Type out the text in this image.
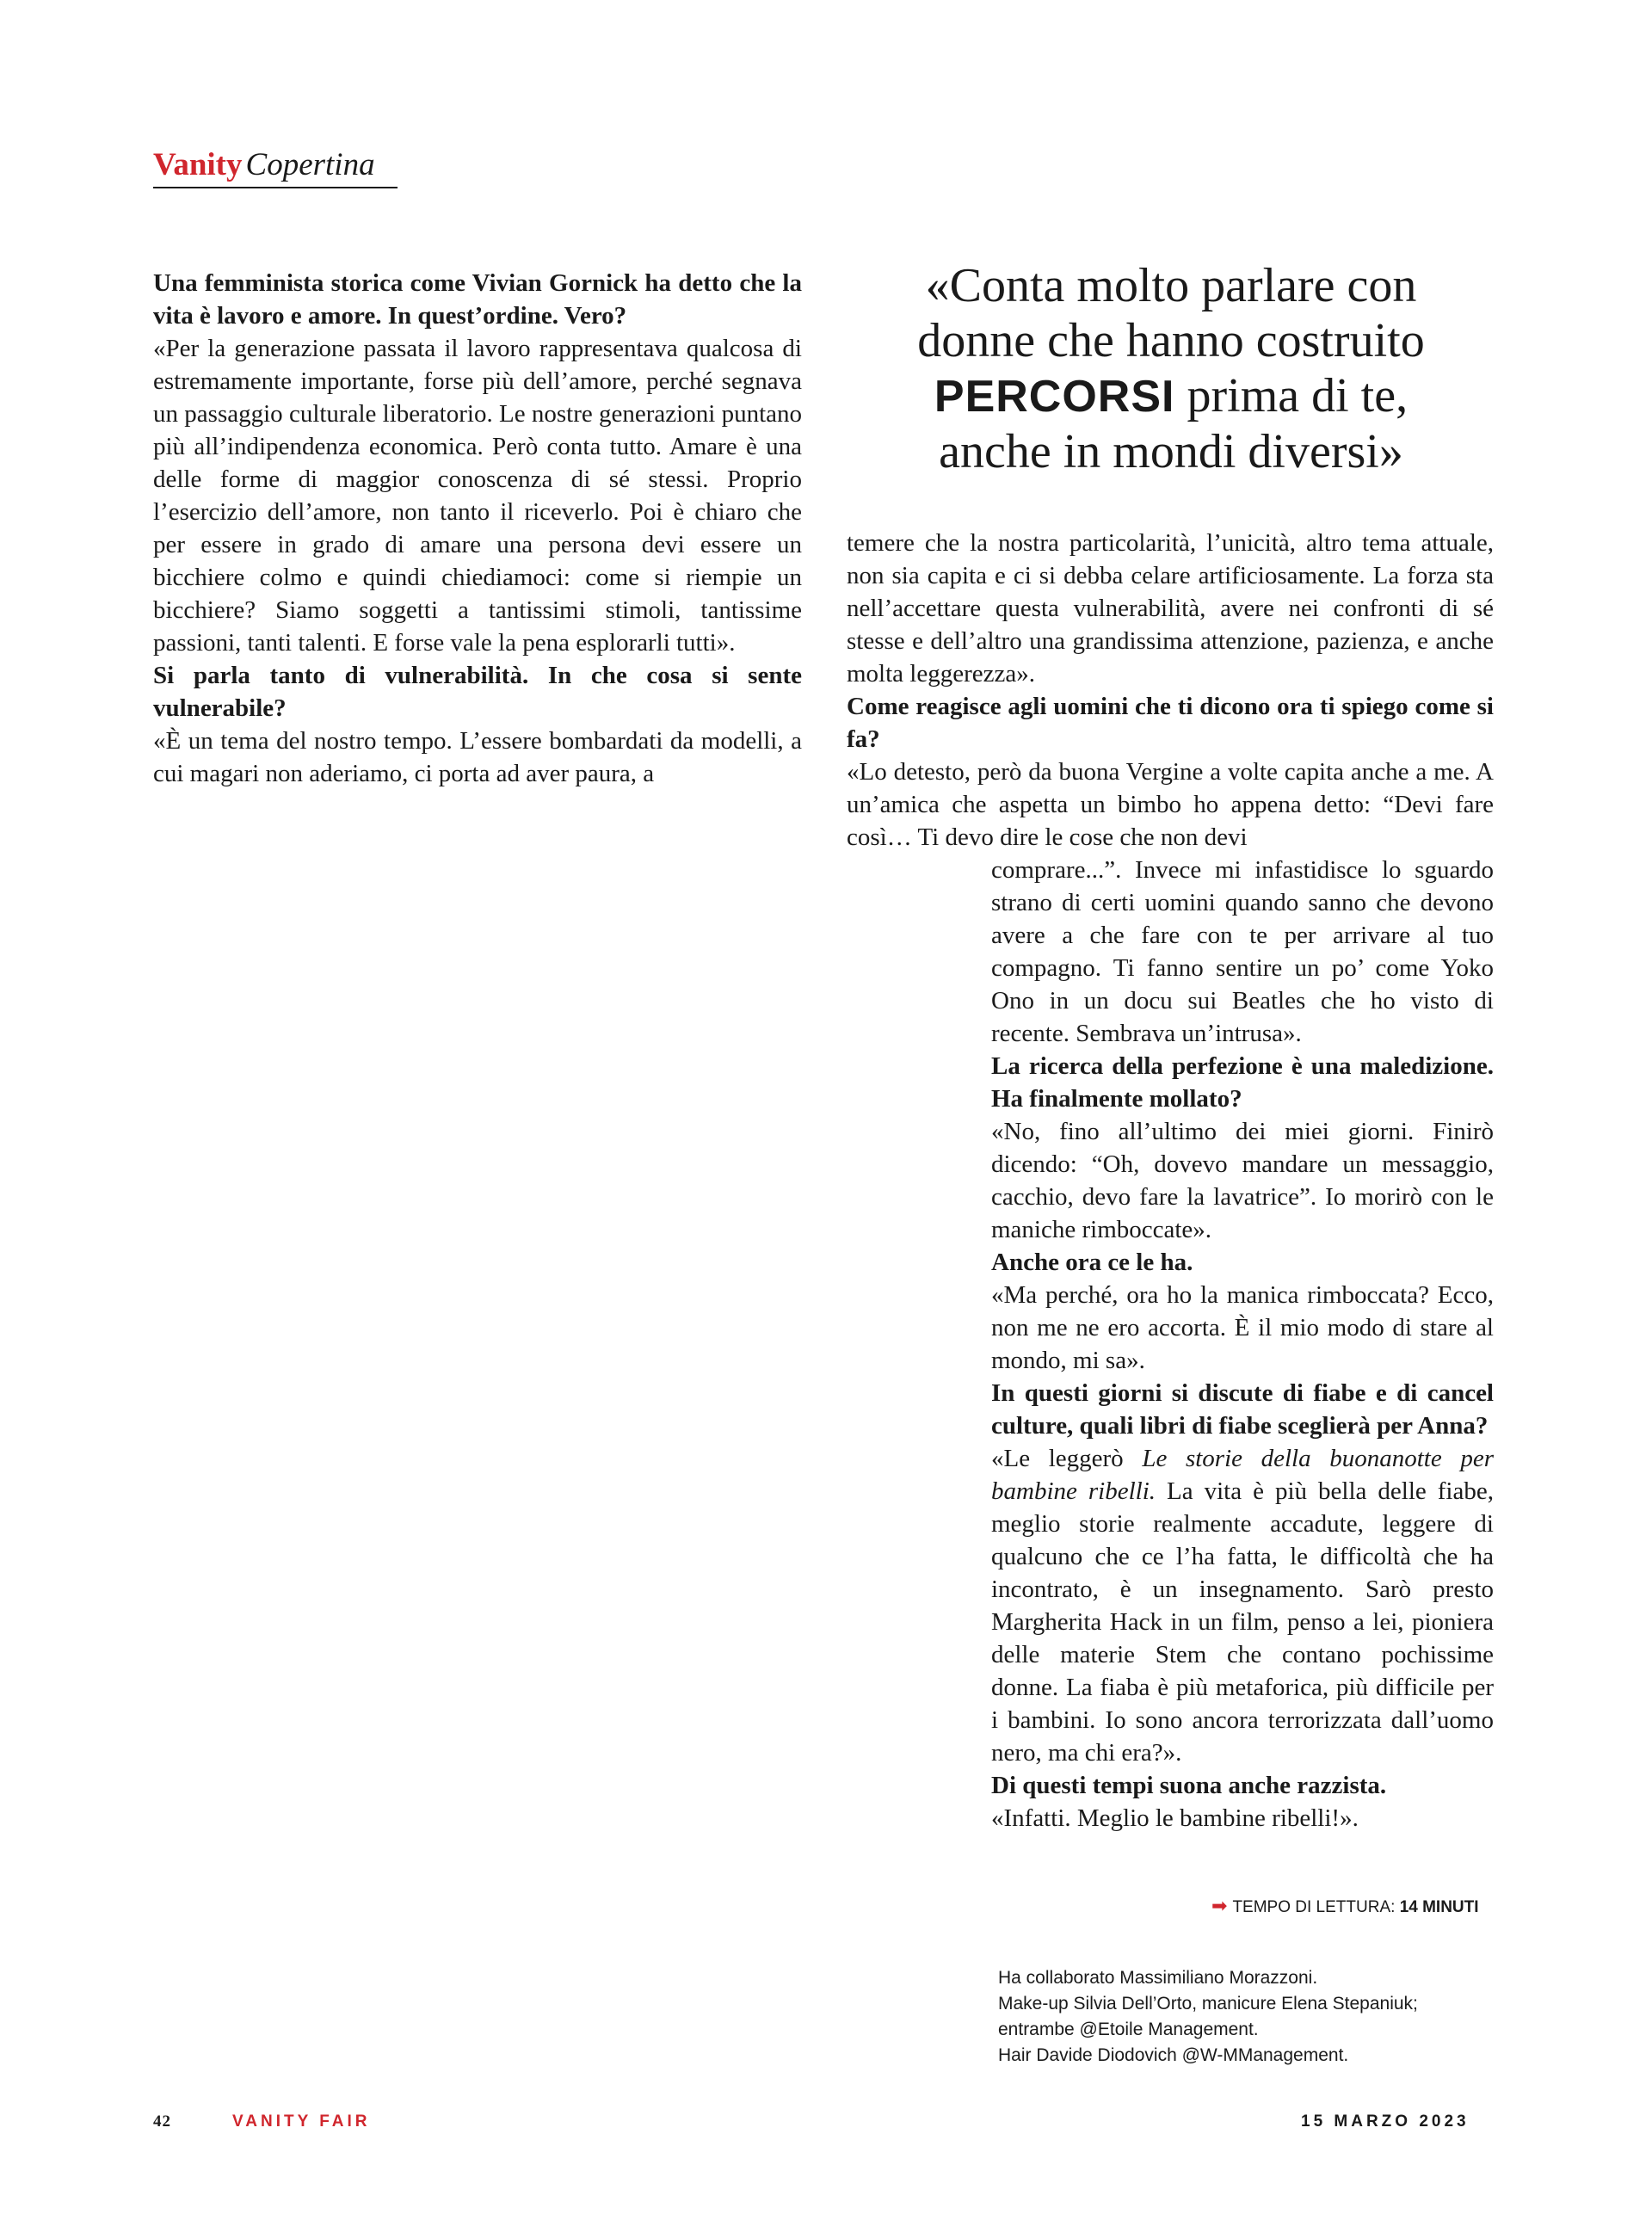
Vanity Copertina

Una femminista storica come Vivian Gornick ha detto che la vita è lavoro e amore. In quest’ordine. Vero?

«Per la generazione passata il lavoro rappresentava qualcosa di estremamente importante, forse più dell’amore, perché segnava un passaggio culturale liberatorio. Le nostre generazioni puntano più all’indipendenza economica. Però conta tutto. Amare è una delle forme di maggior conoscenza di sé stessi. Proprio l’esercizio dell’amore, non tanto il riceverlo. Poi è chiaro che per essere in grado di amare una persona devi essere un bicchiere colmo e quindi chiediamoci: come si riempie un bicchiere? Siamo soggetti a tantissimi stimoli, tantissime passioni, tanti talenti. E forse vale la pena esplorarli tutti».

Si parla tanto di vulnerabilità. In che cosa si sente vulnerabile?

«È un tema del nostro tempo. L’essere bombardati da modelli, a cui magari non aderiamo, ci porta ad aver paura, a

«Conta molto parlare con
donne che hanno costruito
PERCORSI prima di te,
anche in mondi diversi»

temere che la nostra particolarità, l’unicità, altro tema attuale, non sia capita e ci si debba celare artificiosamente. La forza sta nell’accettare questa vulnerabilità, avere nei confronti di sé stesse e dell’altro una grandissima attenzione, pazienza, e anche molta leggerezza».

Come reagisce agli uomini che ti dicono ora ti spiego come si fa?

«Lo detesto, però da buona Vergine a volte capita anche a me. A un’amica che aspetta un bimbo ho appena detto: “Devi fare così… Ti devo dire le cose che non devi

comprare...”. Invece mi infastidisce lo sguardo strano di certi uomini quando sanno che devono avere a che fare con te per arrivare al tuo compagno. Ti fanno sentire un po’ come Yoko Ono in un docu sui Beatles che ho visto di recente. Sembrava un’intrusa».

La ricerca della perfezione è una maledizione. Ha finalmente mollato?

«No, fino all’ultimo dei miei giorni. Finirò dicendo: “Oh, dovevo mandare un messaggio, cacchio, devo fare la lavatrice”. Io morirò con le maniche rimboccate».

Anche ora ce le ha.

«Ma perché, ora ho la manica rimboccata? Ecco, non me ne ero accorta. È il mio modo di stare al mondo, mi sa».

In questi giorni si discute di fiabe e di cancel culture, quali libri di fiabe sceglierà per Anna?

«Le leggerò Le storie della buonanotte per bambine ribelli. La vita è più bella delle fiabe, meglio storie realmente accadute, leggere di qualcuno che ce l’ha fatta, le difficoltà che ha incontrato, è un insegnamento. Sarò presto Margherita Hack in un film, penso a lei, pioniera delle materie Stem che contano pochissime donne. La fiaba è più metaforica, più difficile per i bambini. Io sono ancora terrorizzata dall’uomo nero, ma chi era?».

Di questi tempi suona anche razzista.

«Infatti. Meglio le bambine ribelli!».

➡ TEMPO DI LETTURA: 14 MINUTI

Ha collaborato Massimiliano Morazzoni.

Make-up Silvia Dell’Orto, manicure Elena Stepaniuk;

entrambe @Etoile Management.

Hair Davide Diodovich @W-MManagement.

42	VANITY FAIR	15 MARZO 2023
